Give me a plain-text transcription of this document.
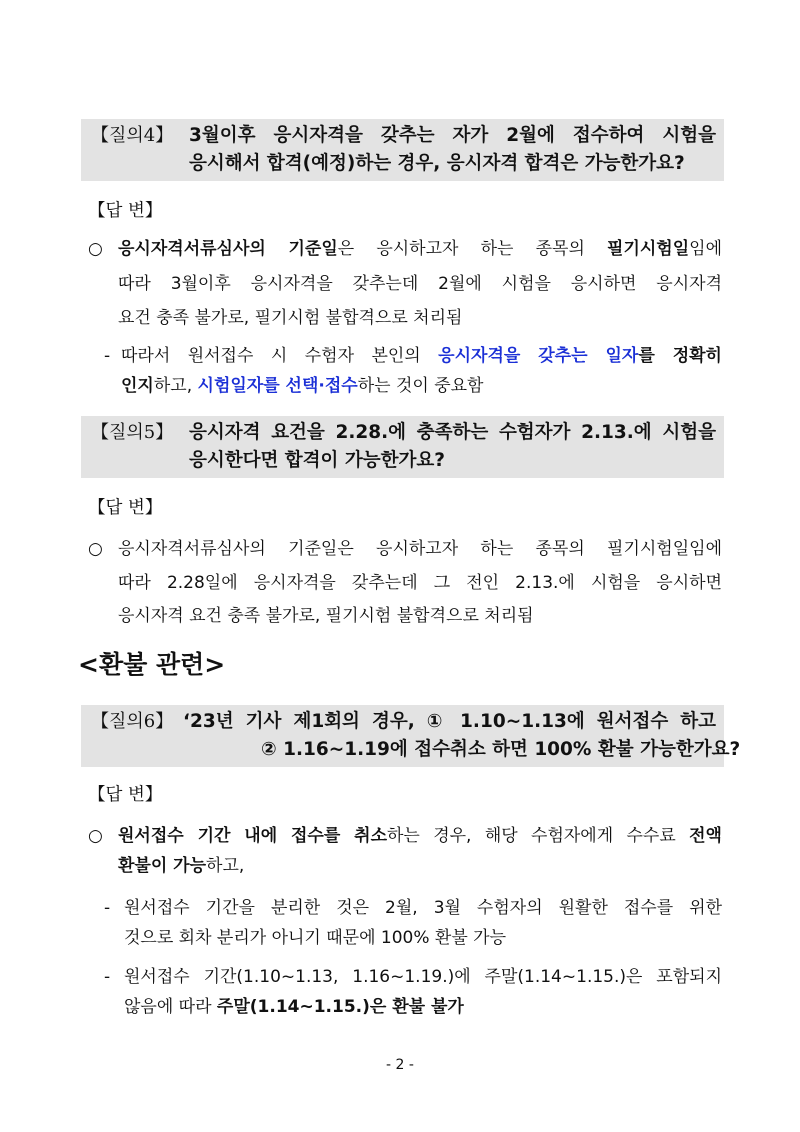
【질의4】 3월이후 응시자격을 갖추는 자가 2월에 접수하여 시험을
응시해서 합격(예정)하는 경우, 응시자격 합격은 가능한가요?
【답 변】
○ 응시자격서류심사의 기준일은 응시하고자 하는 종목의 필기시험일임에
따라 3월이후 응시자격을 갖추는데 2월에 시험을 응시하면 응시자격
요건 충족 불가로, 필기시험 불합격으로 처리됨
- 따라서 원서접수 시 수험자 본인의 응시자격을 갖추는 일자를 정확히
인지하고, 시험일자를 선택·접수하는 것이 중요함
【질의5】 응시자격 요건을 2.28.에 충족하는 수험자가 2.13.에 시험을
응시한다면 합격이 가능한가요?
【답 변】
○ 응시자격서류심사의 기준일은 응시하고자 하는 종목의 필기시험일임에
따라 2.28일에 응시자격을 갖추는데 그 전인 2.13.에 시험을 응시하면
응시자격 요건 충족 불가로, 필기시험 불합격으로 처리됨
<환불 관련>
【질의6】 ‘23년 기사 제1회의 경우, ① 1.10~1.13에 원서접수 하고
② 1.16~1.19에 접수취소 하면 100% 환불 가능한가요?
【답 변】
○ 원서접수 기간 내에 접수를 취소하는 경우, 해당 수험자에게 수수료 전액
환불이 가능하고,
- 원서접수 기간을 분리한 것은 2월, 3월 수험자의 원활한 접수를 위한
것으로 회차 분리가 아니기 때문에 100% 환불 가능
- 원서접수 기간(1.10~1.13, 1.16~1.19.)에 주말(1.14~1.15.)은 포함되지
않음에 따라 주말(1.14~1.15.)은 환불 불가
- 2 -
